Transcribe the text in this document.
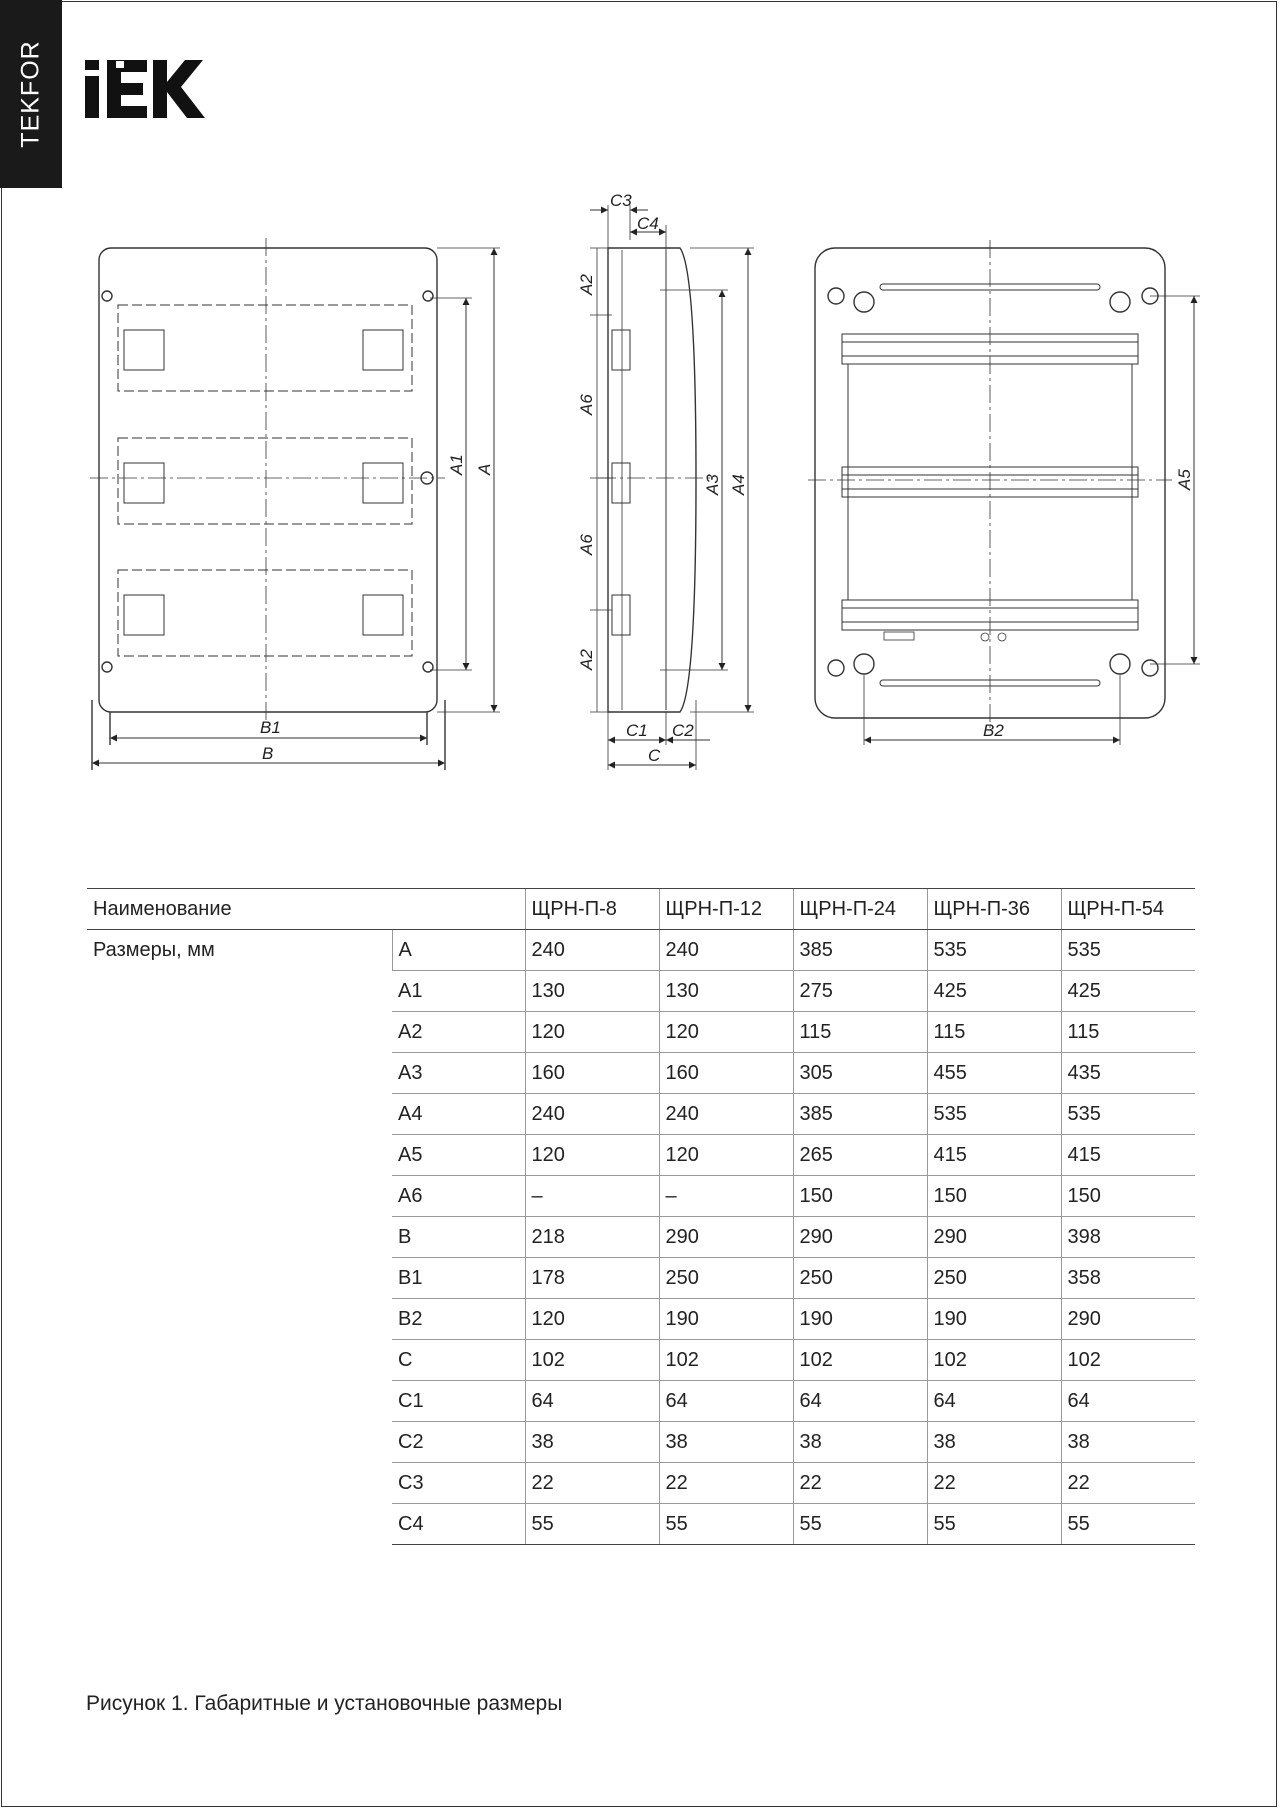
TEKFOR
B1
B
A1 A
C3
C4
A2
A6
A6
A2
A3 A4
C1 C2
C
B2
A5
Наименование		ЩРН-П-8	ЩРН-П-12	ЩРН-П-24	ЩРН-П-36	ЩРН-П-54
Размеры, мм	A	240	240	385	535	535
	A1	130	130	275	425	425
	A2	120	120	115	115	115
	A3	160	160	305	455	435
	A4	240	240	385	535	535
	A5	120	120	265	415	415
	A6	–	–	150	150	150
	B	218	290	290	290	398
	B1	178	250	250	250	358
	B2	120	190	190	190	290
	C	102	102	102	102	102
	C1	64	64	64	64	64
	C2	38	38	38	38	38
	C3	22	22	22	22	22
	C4	55	55	55	55	55
Рисунок 1. Габаритные и установочные размеры
